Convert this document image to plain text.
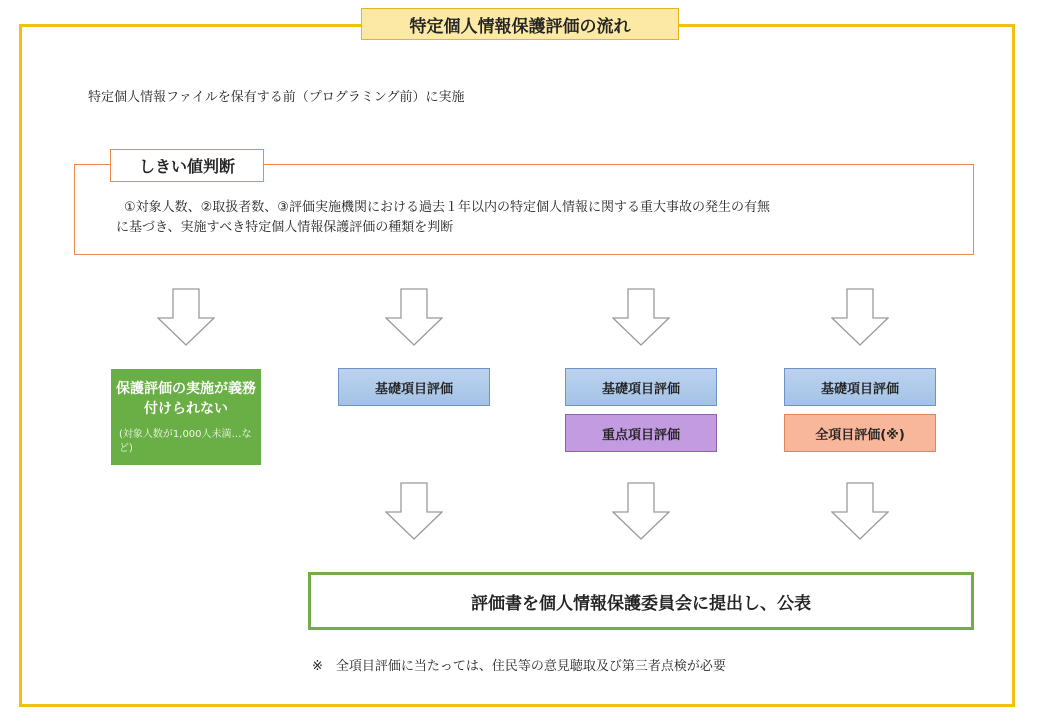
特定個人情報保護評価の流れ
特定個人情報ファイルを保有する前（プログラミング前）に実施
しきい値判断
①対象人数、②取扱者数、③評価実施機関における過去１年以内の特定個人情報に関する重大事故の発生の有無
に基づき、実施すべき特定個人情報保護評価の種類を判断
保護評価の実施が義務付けられない
(対象人数が1,000人未満…など)
基礎項目評価	基礎項目評価
重点項目評価
基礎項目評価
全項目評価(※)
評価書を個人情報保護委員会に提出し、公表
※　全項目評価に当たっては、住民等の意見聴取及び第三者点検が必要
